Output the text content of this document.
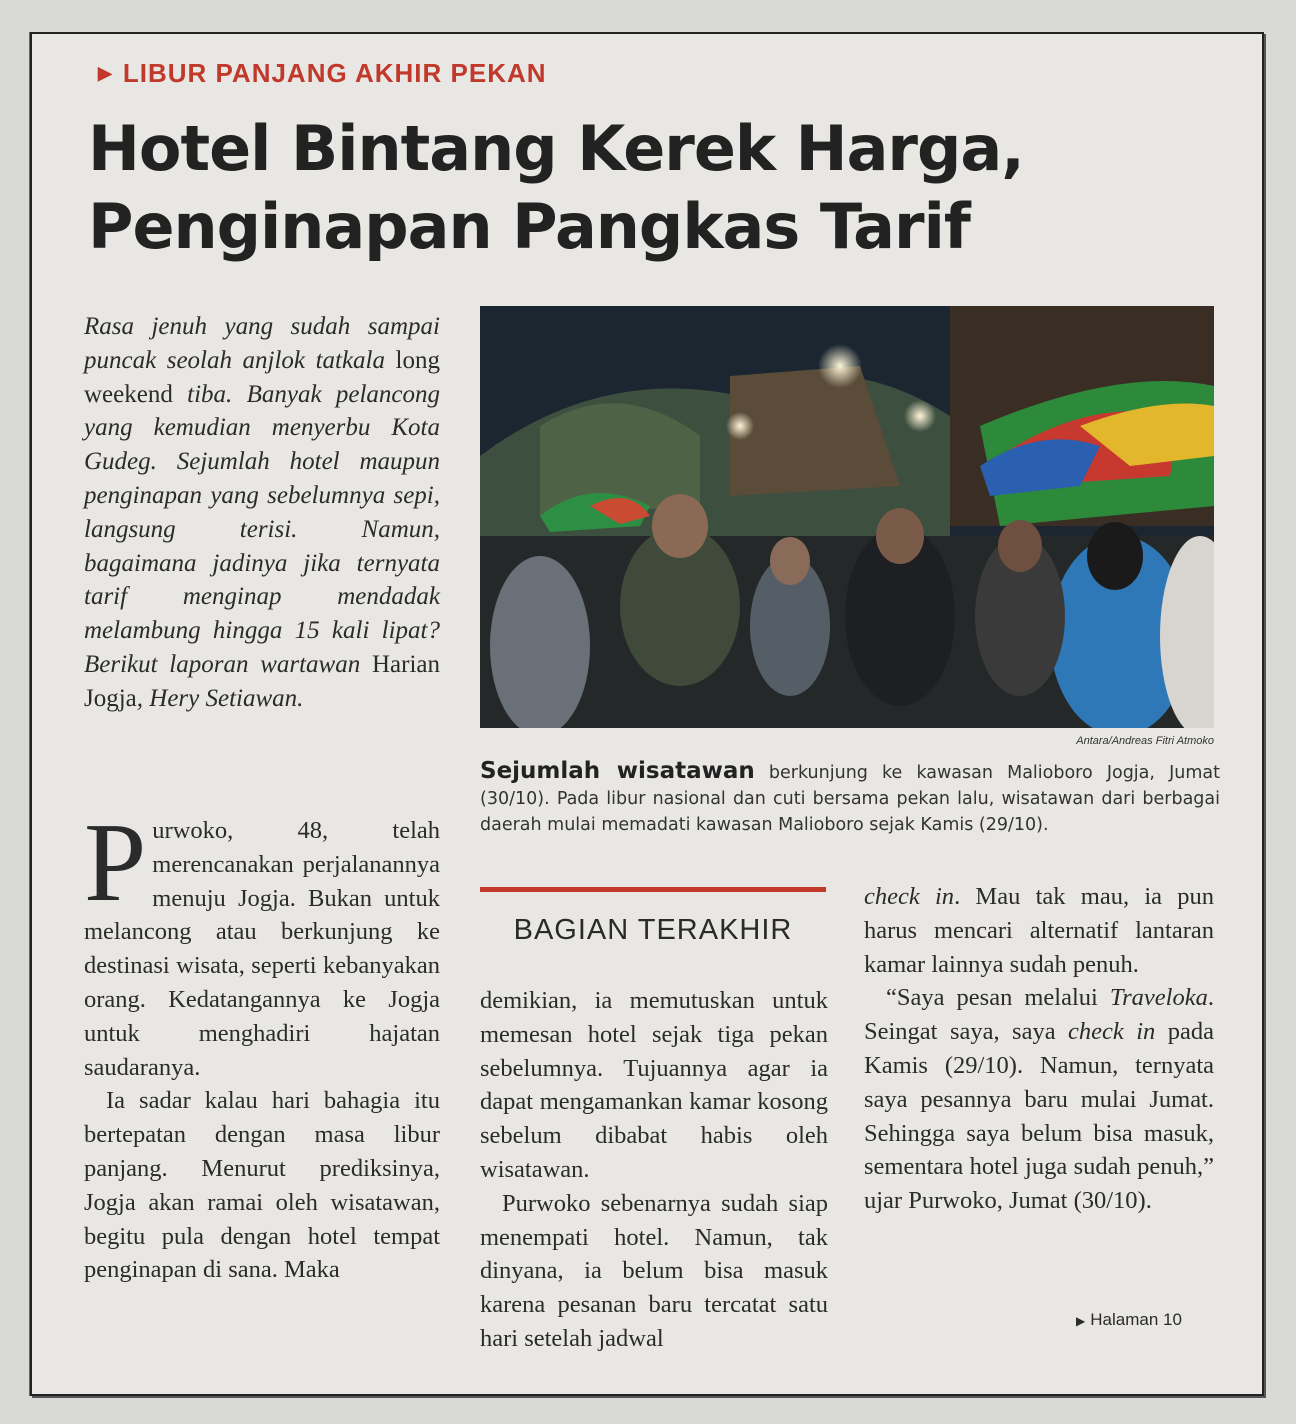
▶ LIBUR PANJANG AKHIR PEKAN
Hotel Bintang Kerek Harga,
Penginapan Pangkas Tarif
Rasa jenuh yang sudah sampai puncak seolah anjlok tatkala long weekend tiba. Banyak pelancong yang kemudian menyerbu Kota Gudeg. Sejumlah hotel maupun penginapan yang sebelumnya sepi, langsung terisi. Namun, bagaimana jadinya jika ternyata tarif menginap mendadak melambung hingga 15 kali lipat? Berikut laporan wartawan Harian Jogja, Hery Setiawan.
Antara/Andreas Fitri Atmoko
Sejumlah wisatawan berkunjung ke kawasan Malioboro Jogja, Jumat (30/10). Pada libur nasional dan cuti bersama pekan lalu, wisatawan dari berbagai daerah mulai memadati kawasan Malioboro sejak Kamis (29/10).

Purwoko, 48, telah merencanakan perjalanannya menuju Jogja. Bukan untuk melancong atau berkunjung ke destinasi wisata, seperti kebanyakan orang. Kedatangannya ke Jogja untuk menghadiri hajatan saudaranya.

Ia sadar kalau hari bahagia itu bertepatan dengan masa libur panjang. Menurut prediksinya, Jogja akan ramai oleh wisatawan, begitu pula dengan hotel tempat penginapan di sana. Maka

BAGIAN TERAKHIR

demikian, ia memutuskan untuk memesan hotel sejak tiga pekan sebelumnya. Tujuannya agar ia dapat mengamankan kamar kosong sebelum dibabat habis oleh wisatawan.

Purwoko sebenarnya sudah siap menempati hotel. Namun, tak dinyana, ia belum bisa masuk karena pesanan baru tercatat satu hari setelah jadwal

check in. Mau tak mau, ia pun harus mencari alternatif lantaran kamar lainnya sudah penuh.

“Saya pesan melalui Traveloka. Seingat saya, saya check in pada Kamis (29/10). Namun, ternyata saya pesannya baru mulai Jumat. Sehingga saya belum bisa masuk, sementara hotel juga sudah penuh,” ujar Purwoko, Jumat (30/10).

▶ Halaman 10
